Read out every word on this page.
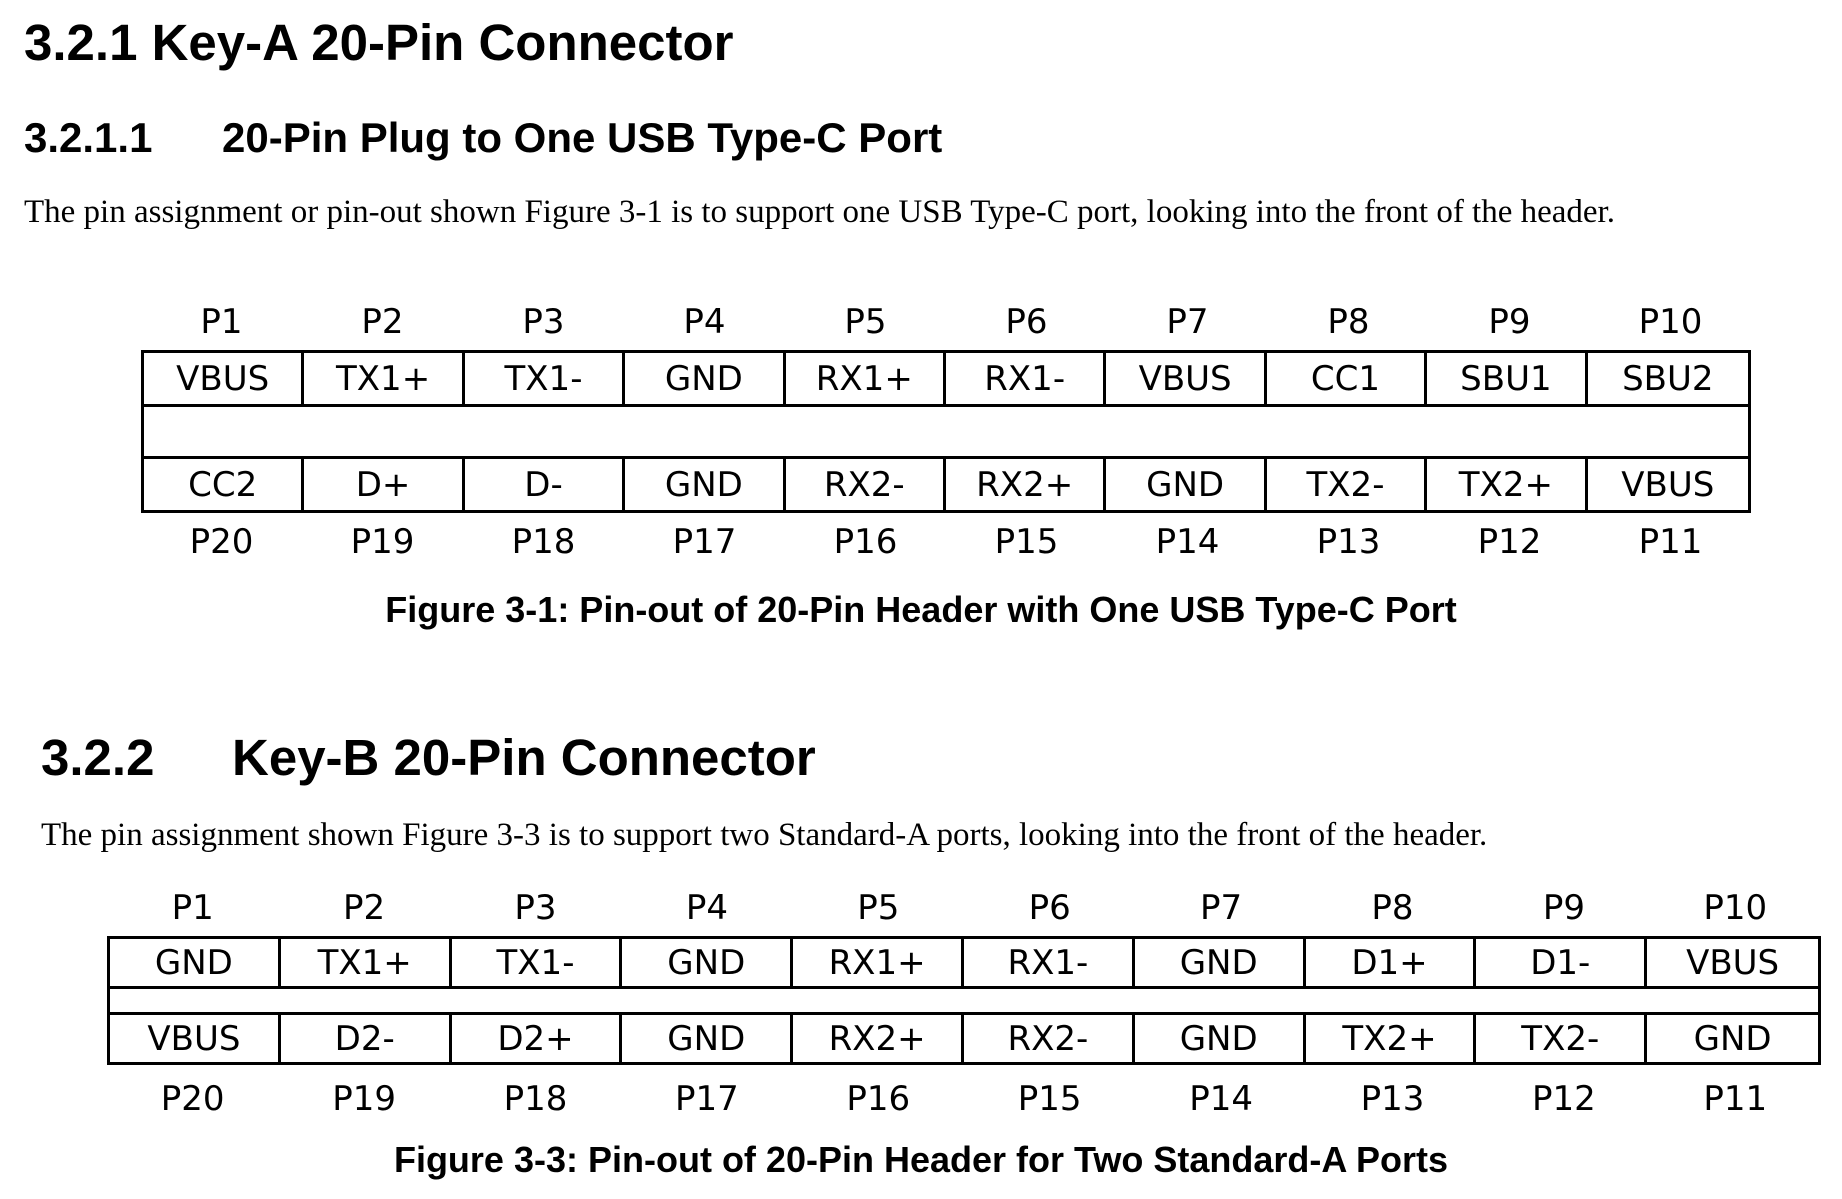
3.2.1 Key-A 20-Pin Connector
3.2.1.1 20-Pin Plug to One USB Type-C Port
The pin assignment or pin-out shown Figure 3-1 is to support one USB Type-C port, looking into the front of the header.
P1	P2	P3	P4	P5	P6	P7	P8	P9	P10
VBUS	TX1+	TX1-	GND	RX1+	RX1-	VBUS	CC1	SBU1	SBU2
CC2	D+	D-	GND	RX2-	RX2+	GND	TX2-	TX2+	VBUS
P20	P19	P18	P17	P16	P15	P14	P13	P12	P11
Figure 3-1: Pin-out of 20-Pin Header with One USB Type-C Port
3.2.2 Key-B 20-Pin Connector
The pin assignment shown Figure 3-3 is to support two Standard-A ports, looking into the front of the header.
P1	P2	P3	P4	P5	P6	P7	P8	P9	P10
GND	TX1+	TX1-	GND	RX1+	RX1-	GND	D1+	D1-	VBUS
VBUS	D2-	D2+	GND	RX2+	RX2-	GND	TX2+	TX2-	GND
P20	P19	P18	P17	P16	P15	P14	P13	P12	P11
Figure 3-3: Pin-out of 20-Pin Header for Two Standard-A Ports
